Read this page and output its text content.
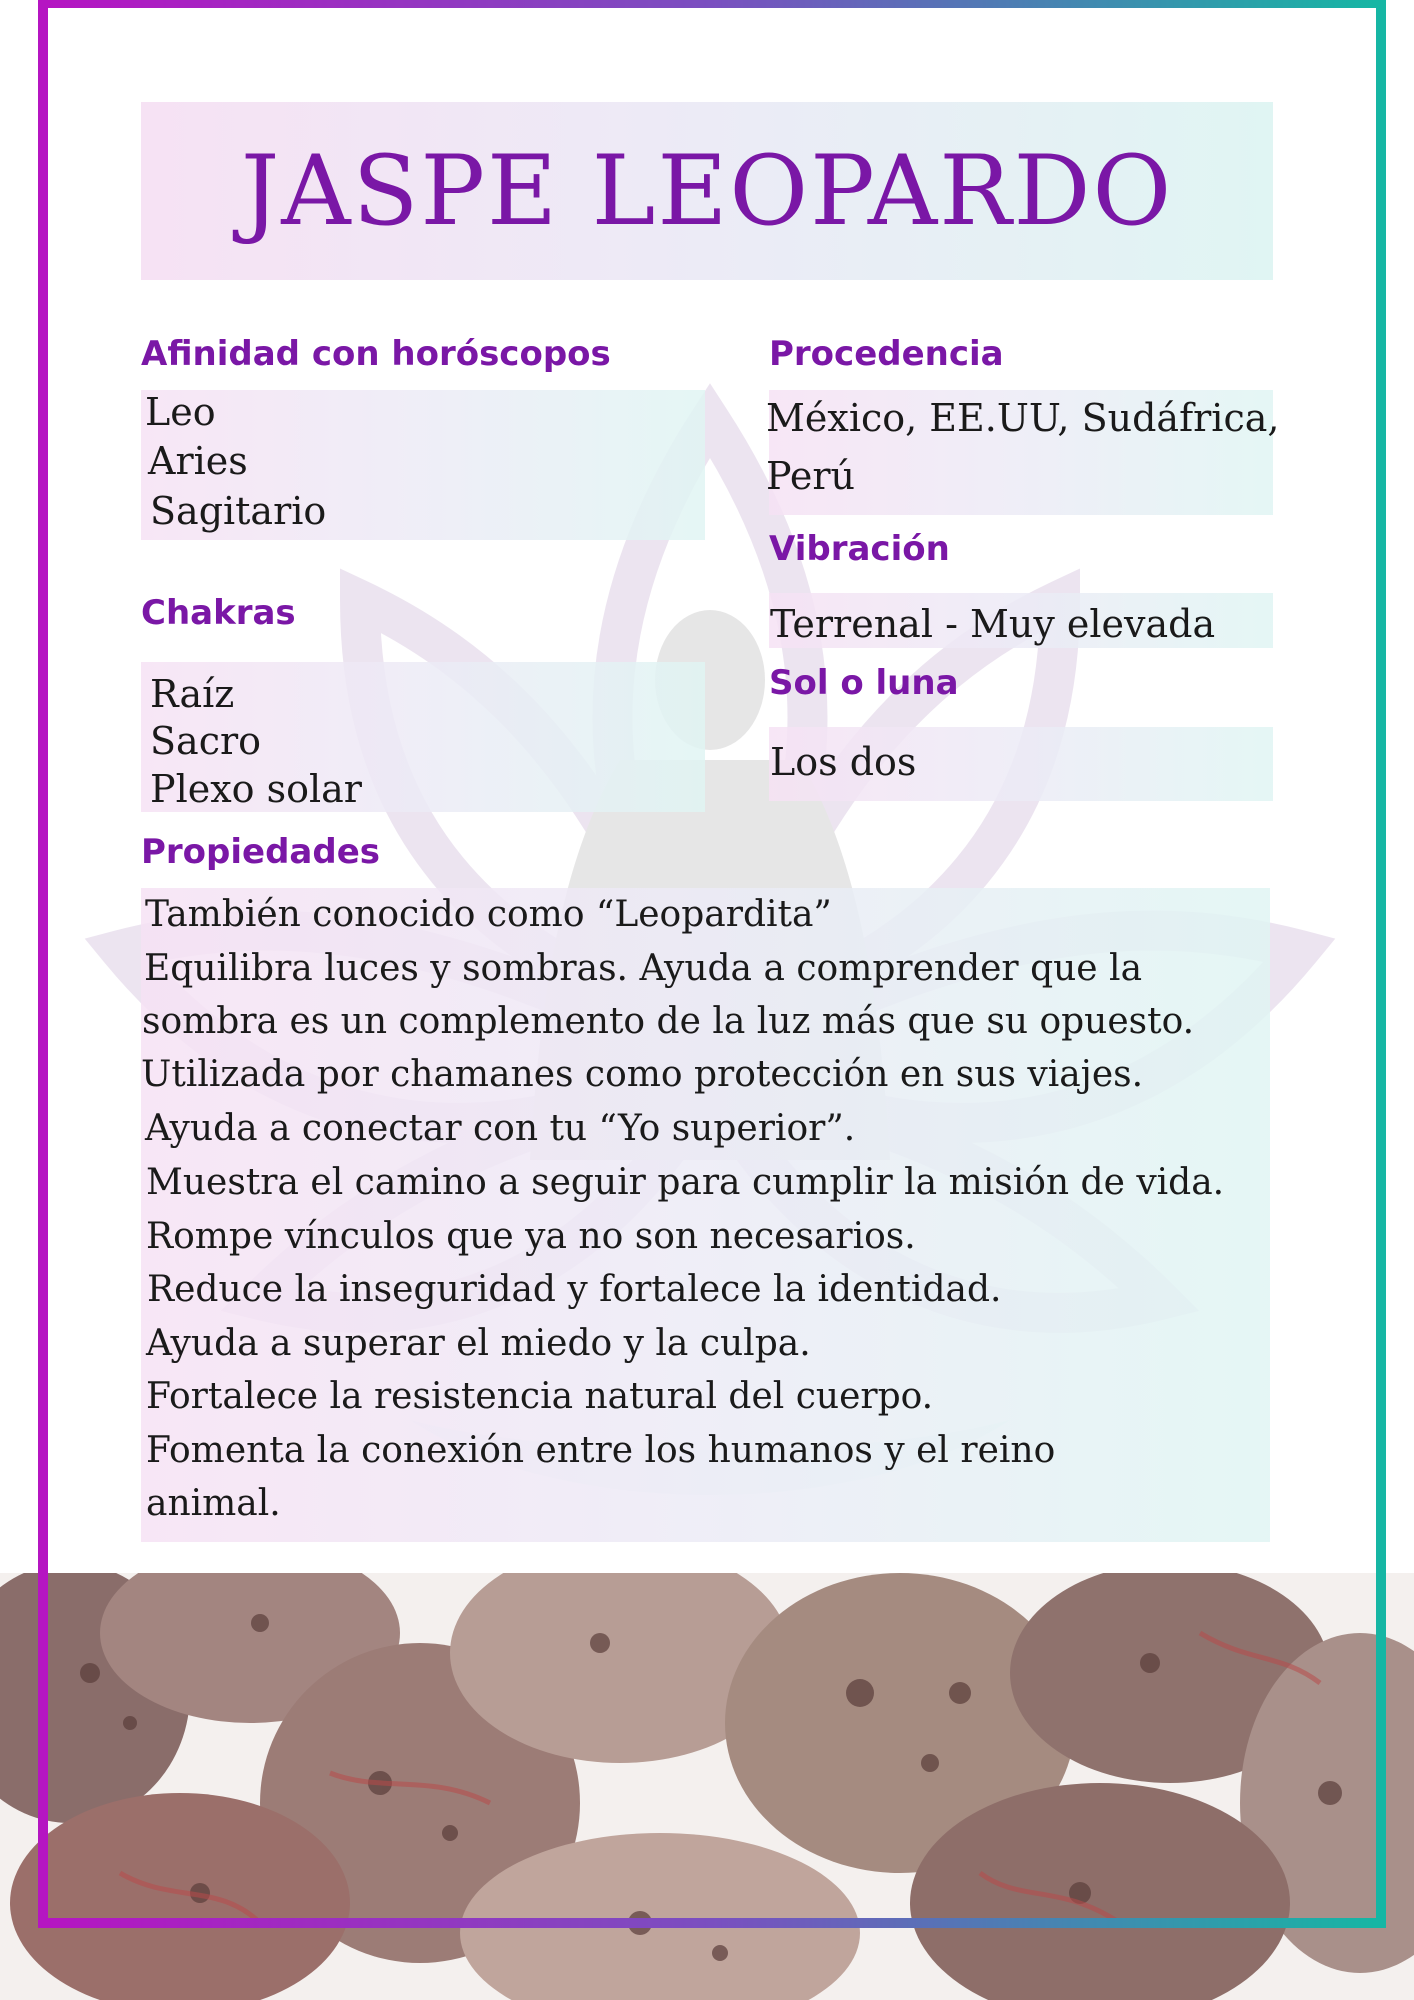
JASPE LEOPARDO
Afinidad con horóscopos
Leo
Aries
Sagitario
Procedencia
México, EE.UU, Sudáfrica,
Perú
Vibración
Terrenal - Muy elevada
Chakras
Raíz
Sacro
Plexo solar
Sol o luna
Los dos
Propiedades
También conocido como “Leopardita”
Equilibra luces y sombras. Ayuda a comprender que la
sombra es un complemento de la luz más que su opuesto.
Utilizada por chamanes como protección en sus viajes.
Ayuda a conectar con tu “Yo superior”.
Muestra el camino a seguir para cumplir la misión de vida.
Rompe vínculos que ya no son necesarios.
Reduce la inseguridad y fortalece la identidad.
Ayuda a superar el miedo y la culpa.
Fortalece la resistencia natural del cuerpo.
Fomenta la conexión entre los humanos y el reino
animal.
